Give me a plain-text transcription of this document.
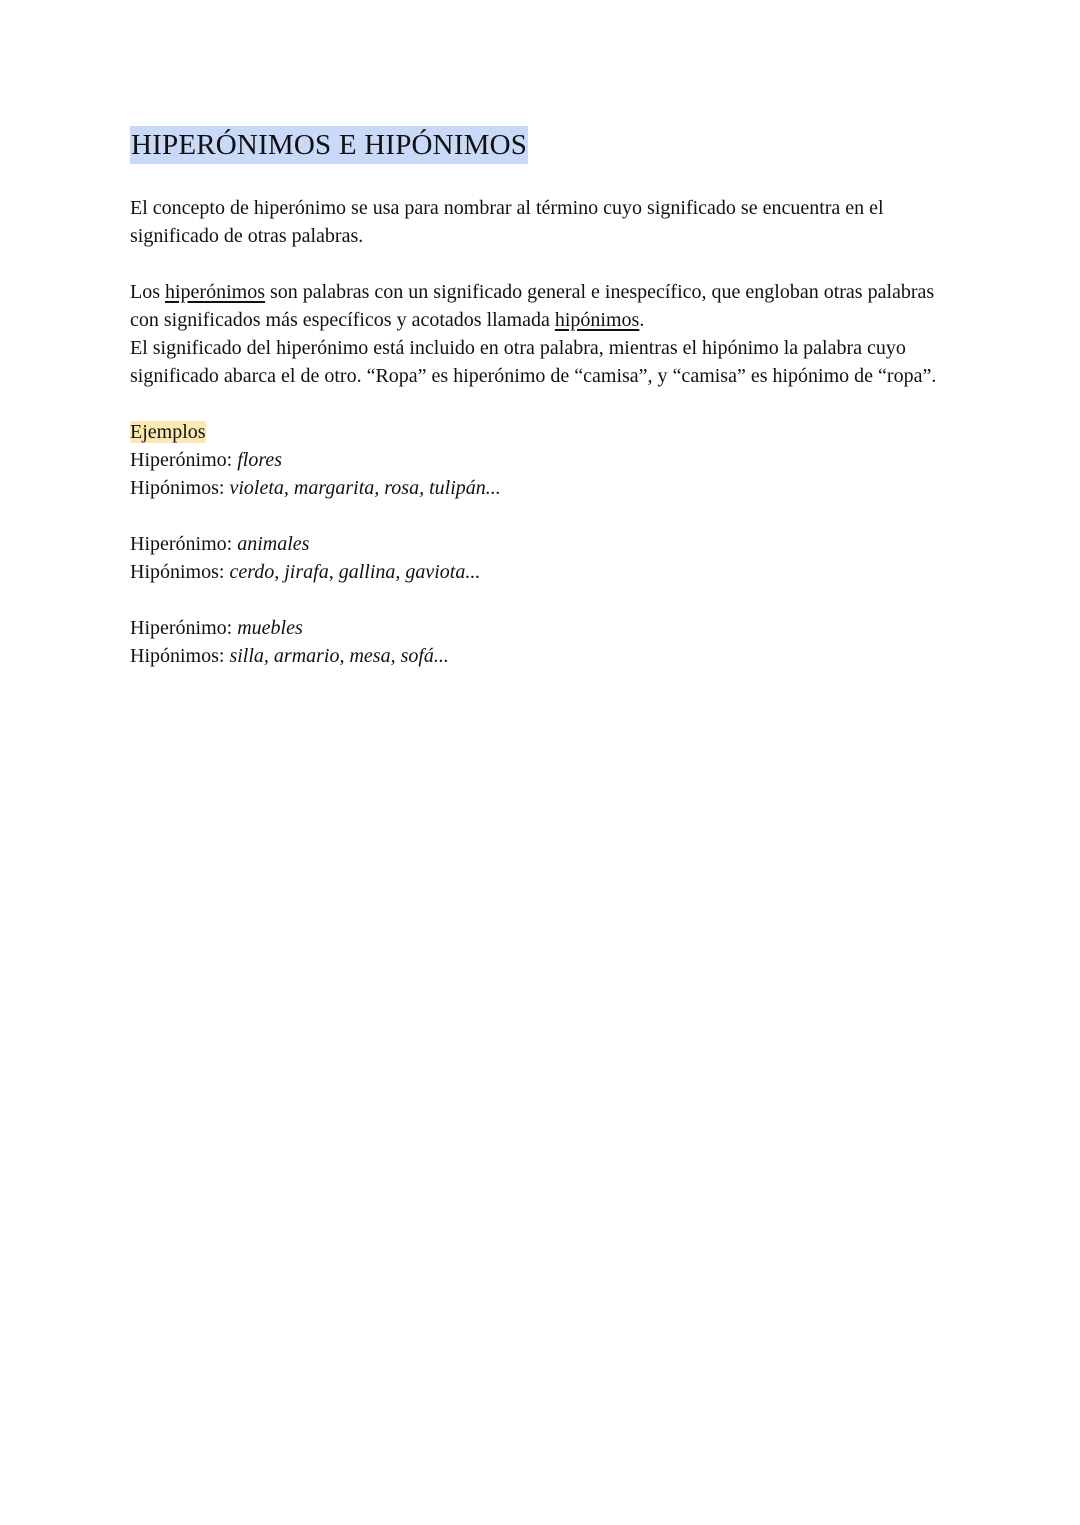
HIPERÓNIMOS E HIPÓNIMOS

El concepto de hiperónimo se usa para nombrar al término cuyo significado se encuentra en el significado de otras palabras.

Los hiperónimos son palabras con un significado general e inespecífico, que engloban otras palabras con significados más específicos y acotados llamada hipónimos.

El significado del hiperónimo está incluido en otra palabra, mientras el hipónimo la palabra cuyo significado abarca el de otro. “Ropa” es hiperónimo de “camisa”, y “camisa” es hipónimo de “ropa”.

Ejemplos

Hiperónimo: flores

Hipónimos: violeta, margarita, rosa, tulipán...

Hiperónimo: animales

Hipónimos: cerdo, jirafa, gallina, gaviota...

Hiperónimo: muebles

Hipónimos: silla, armario, mesa, sofá...
